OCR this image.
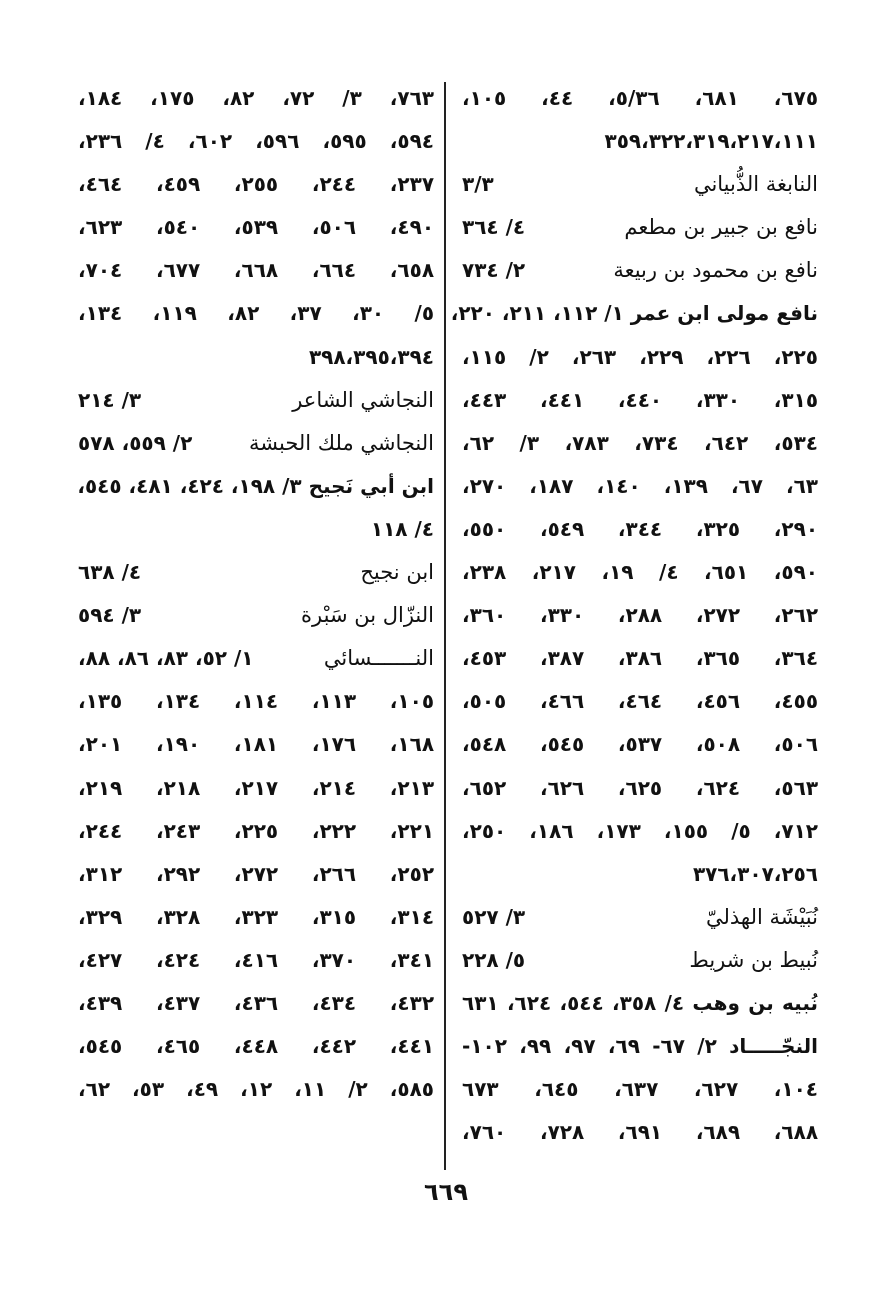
٦٧٥، ٦٨١، ٥/٣٦، ٤٤، ١٠٥،
٣٥٩،٣٢٢،٣١٩،٢١٧،١١١
النابغة الذُّبياني
٣/٣
نافع بن جبير بن مطعم
٤/ ٣٦٤
نافع بن محمود بن ربيعة
٢/ ٧٣٤
نافع مولى ابن عمر ١/ ١١٢، ٢١١، ٢٢٠،
٢٢٥، ٢٢٦، ٢٢٩، ٢٦٣، ٢/ ١١٥،
٣١٥، ٣٣٠، ٤٤٠، ٤٤١، ٤٤٣،
٥٣٤، ٦٤٢، ٧٣٤، ٧٨٣، ٣/ ٦٢،
٦٣، ٦٧، ١٣٩، ١٤٠، ١٨٧، ٢٧٠،
٢٩٠، ٣٢٥، ٣٤٤، ٥٤٩، ٥٥٠،
٥٩٠، ٦٥١، ٤/ ١٩، ٢١٧، ٢٣٨،
٢٦٢، ٢٧٢، ٢٨٨، ٣٣٠، ٣٦٠،
٣٦٤، ٣٦٥، ٣٨٦، ٣٨٧، ٤٥٣،
٤٥٥، ٤٥٦، ٤٦٤، ٤٦٦، ٥٠٥،
٥٠٦، ٥٠٨، ٥٣٧، ٥٤٥، ٥٤٨،
٥٦٣، ٦٢٤، ٦٢٥، ٦٢٦، ٦٥٢،
٧١٢، ٥/ ١٥٥، ١٧٣، ١٨٦، ٢٥٠،
٣٧٦،٣٠٧،٢٥٦
نُبَيْشَة الهذليّ
٣/ ٥٢٧
نُبيط بن شريط
٥/ ٢٢٨
نُبيه بن وهب ٤/ ٣٥٨، ٥٤٤، ٦٢٤، ٦٣١
النجّـــــاد ٢/ ٦٧- ٦٩، ٩٧، ٩٩، ١٠٢-
١٠٤، ٦٢٧، ٦٣٧، ٦٤٥، ٦٧٣
٦٨٨، ٦٨٩، ٦٩١، ٧٢٨، ٧٦٠،
٧٦٣، ٣/ ٧٢، ٨٢، ١٧٥، ١٨٤،
٥٩٤، ٥٩٥، ٥٩٦، ٦٠٢، ٤/ ٢٣٦،
٢٣٧، ٢٤٤، ٢٥٥، ٤٥٩، ٤٦٤،
٤٩٠، ٥٠٦، ٥٣٩، ٥٤٠، ٦٢٣،
٦٥٨، ٦٦٤، ٦٦٨، ٦٧٧، ٧٠٤،
٥/ ٣٠، ٣٧، ٨٢، ١١٩، ١٣٤،
٣٩٨،٣٩٥،٣٩٤
النجاشي الشاعر
٣/ ٢١٤
النجاشي ملك الحبشة
٢/ ٥٥٩، ٥٧٨
ابن أبي نَجيح ٣/ ١٩٨، ٤٢٤، ٤٨١، ٥٤٥،
٤/ ١١٨
ابن نجيح
٤/ ٦٣٨
النزّال بن سَبْرة
٣/ ٥٩٤
النـــــــسائي
١/ ٥٢، ٨٣، ٨٦، ٨٨،
١٠٥، ١١٣، ١١٤، ١٣٤، ١٣٥،
١٦٨، ١٧٦، ١٨١، ١٩٠، ٢٠١،
٢١٣، ٢١٤، ٢١٧، ٢١٨، ٢١٩،
٢٢١، ٢٢٢، ٢٢٥، ٢٤٣، ٢٤٤،
٢٥٢، ٢٦٦، ٢٧٢، ٢٩٢، ٣١٢،
٣١٤، ٣١٥، ٣٢٣، ٣٢٨، ٣٢٩،
٣٤١، ٣٧٠، ٤١٦، ٤٢٤، ٤٢٧،
٤٣٢، ٤٣٤، ٤٣٦، ٤٣٧، ٤٣٩،
٤٤١، ٤٤٢، ٤٤٨، ٤٦٥، ٥٤٥،
٥٨٥، ٢/ ١١، ١٢، ٤٩، ٥٣، ٦٢،
٦٦٩
